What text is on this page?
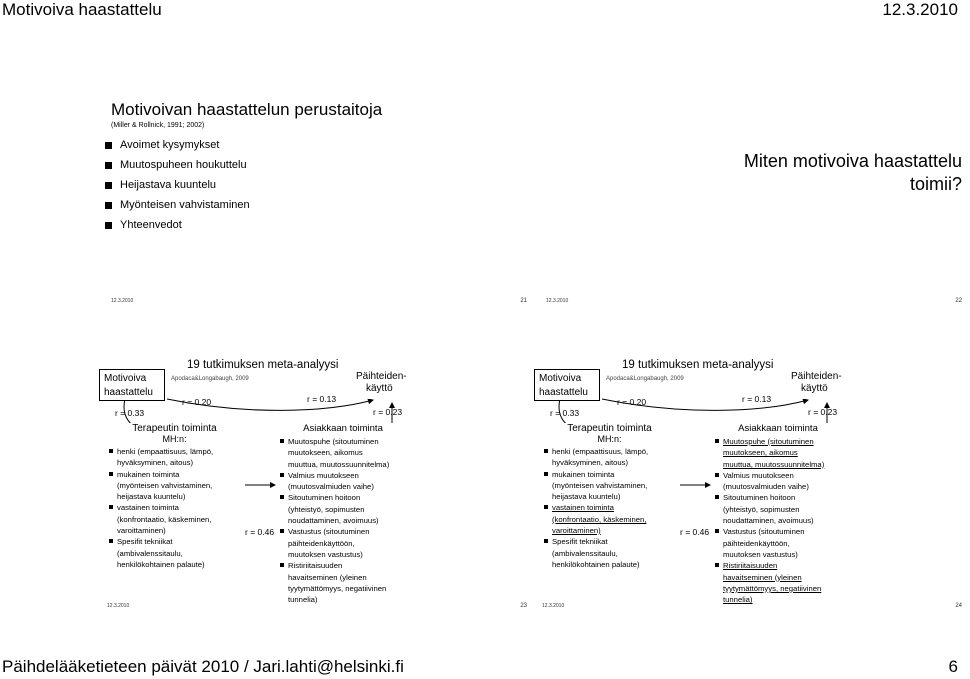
Motivoiva haastattelu	12.3.2010
Motivoivan haastattelun perustaitoja
(Miller & Rollnick, 1991; 2002)
Avoimet kysymykset
Muutospuheen houkuttelu
Heijastava kuuntelu
Myönteisen vahvistaminen
Yhteenvedot
12.3.2010	21
Miten motivoiva haastattelu
toimii?
12.3.2010	22
Motivoiva
haastattelu
19 tutkimuksen meta-analyysi
Apodaca&Longabaugh, 2009	Päihteiden-
käyttö
r = 0.33
r = 0.20	r = 0.13
r = 0.23
r = 0.46
Terapeutin toiminta
MH:n:
henki (empaattisuus, lämpö,
hyväksyminen, aitous)
mukainen toiminta
(myönteisen vahvistaminen,
heijastava kuuntelu)
vastainen toiminta
(konfrontaatio, käskeminen,
varoittaminen)
Spesifit tekniikat
(ambivalenssitaulu,
henkilökohtainen palaute)
Asiakkaan toiminta
Muutospuhe (sitoutuminen
muutokseen, aikomus
muuttua, muutossuunnitelma)
Valmius muutokseen
(muutosvalmiuden vaihe)
Sitoutuminen hoitoon
(yhteistyö, sopimusten
noudattaminen, avoimuus)
Vastustus (sitoutuminen
päihteidenkäyttöön,
muutoksen vastustus)
Ristiriitaisuuden
havaitseminen (yleinen
tyytymättömyys, negatiivinen
tunnelia)
12.3.2010	23
Motivoiva
haastattelu
19 tutkimuksen meta-analyysi
Apodaca&Longabaugh, 2009	Päihteiden-
käyttö
r = 0.33
r = 0.20	r = 0.13
r = 0.23
r = 0.46
Terapeutin toiminta
MH:n:
henki (empaattisuus, lämpö,
hyväksyminen, aitous)
mukainen toiminta
(myönteisen vahvistaminen,
heijastava kuuntelu)
vastainen toiminta
(konfrontaatio, käskeminen,
varoittaminen)
Spesifit tekniikat
(ambivalenssitaulu,
henkilökohtainen palaute)
Asiakkaan toiminta
Muutospuhe (sitoutuminen
muutokseen, aikomus
muuttua, muutossuunnitelma)
Valmius muutokseen
(muutosvalmiuden vaihe)
Sitoutuminen hoitoon
(yhteistyö, sopimusten
noudattaminen, avoimuus)
Vastustus (sitoutuminen
päihteidenkäyttöön,
muutoksen vastustus)
Ristiriitaisuuden
havaitseminen (yleinen
tyytymättömyys, negatiivinen
tunnelia)
12.3.2010	24
Päihdelääketieteen päivät 2010 / Jari.lahti@helsinki.fi	6
